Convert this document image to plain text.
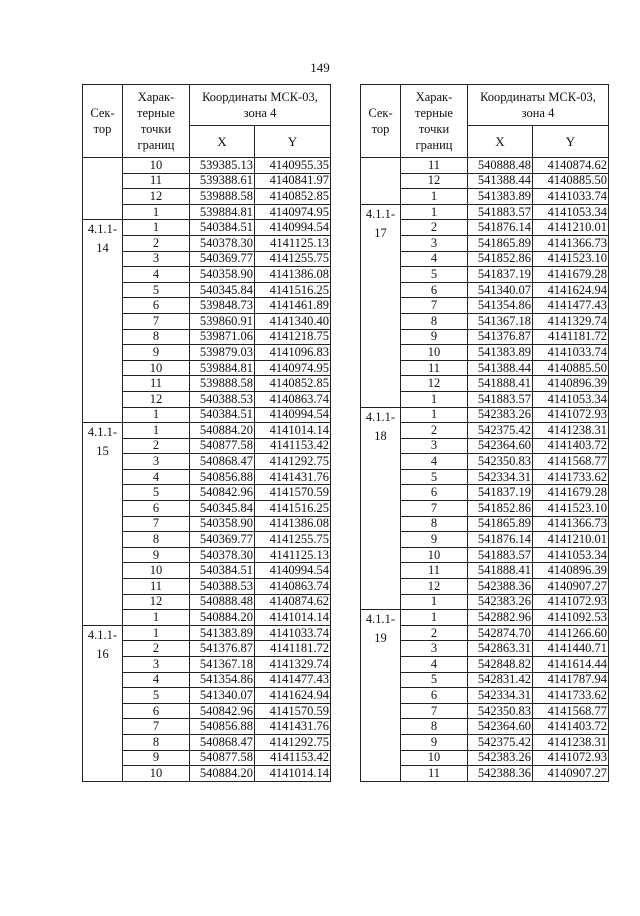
149
Сек-тор	Харак-терные точки границ	Координаты МСК-03, зона 4	
		X	Y
	10	539385.13	4140955.35
	11	539388.61	4140841.97
	12	539888.58	4140852.85
	1	539884.81	4140974.95
4.1.1-14	1	540384.51	4140994.54
	2	540378.30	4141125.13
	3	540369.77	4141255.75
	4	540358.90	4141386.08
	5	540345.84	4141516.25
	6	539848.73	4141461.89
	7	539860.91	4141340.40
	8	539871.06	4141218.75
	9	539879.03	4141096.83
	10	539884.81	4140974.95
	11	539888.58	4140852.85
	12	540388.53	4140863.74
	1	540384.51	4140994.54
4.1.1-15	1	540884.20	4141014.14
	2	540877.58	4141153.42
	3	540868.47	4141292.75
	4	540856.88	4141431.76
	5	540842.96	4141570.59
	6	540345.84	4141516.25
	7	540358.90	4141386.08
	8	540369.77	4141255.75
	9	540378.30	4141125.13
	10	540384.51	4140994.54
	11	540388.53	4140863.74
	12	540888.48	4140874.62
	1	540884.20	4141014.14
4.1.1-16	1	541383.89	4141033.74
	2	541376.87	4141181.72
	3	541367.18	4141329.74
	4	541354.86	4141477.43
	5	541340.07	4141624.94
	6	540842.96	4141570.59
	7	540856.88	4141431.76
	8	540868.47	4141292.75
	9	540877.58	4141153.42
	10	540884.20	4141014.14
Сек-тор	Харак-терные точки границ	Координаты МСК-03, зона 4	
		X	Y
	11	540888.48	4140874.62
	12	541388.44	4140885.50
	1	541383.89	4141033.74
4.1.1-17	1	541883.57	4141053.34
	2	541876.14	4141210.01
	3	541865.89	4141366.73
	4	541852.86	4141523.10
	5	541837.19	4141679.28
	6	541340.07	4141624.94
	7	541354.86	4141477.43
	8	541367.18	4141329.74
	9	541376.87	4141181.72
	10	541383.89	4141033.74
	11	541388.44	4140885.50
	12	541888.41	4140896.39
	1	541883.57	4141053.34
4.1.1-18	1	542383.26	4141072.93
	2	542375.42	4141238.31
	3	542364.60	4141403.72
	4	542350.83	4141568.77
	5	542334.31	4141733.62
	6	541837.19	4141679.28
	7	541852.86	4141523.10
	8	541865.89	4141366.73
	9	541876.14	4141210.01
	10	541883.57	4141053.34
	11	541888.41	4140896.39
	12	542388.36	4140907.27
	1	542383.26	4141072.93
4.1.1-19	1	542882.96	4141092.53
	2	542874.70	4141266.60
	3	542863.31	4141440.71
	4	542848.82	4141614.44
	5	542831.42	4141787.94
	6	542334.31	4141733.62
	7	542350.83	4141568.77
	8	542364.60	4141403.72
	9	542375.42	4141238.31
	10	542383.26	4141072.93
	11	542388.36	4140907.27
